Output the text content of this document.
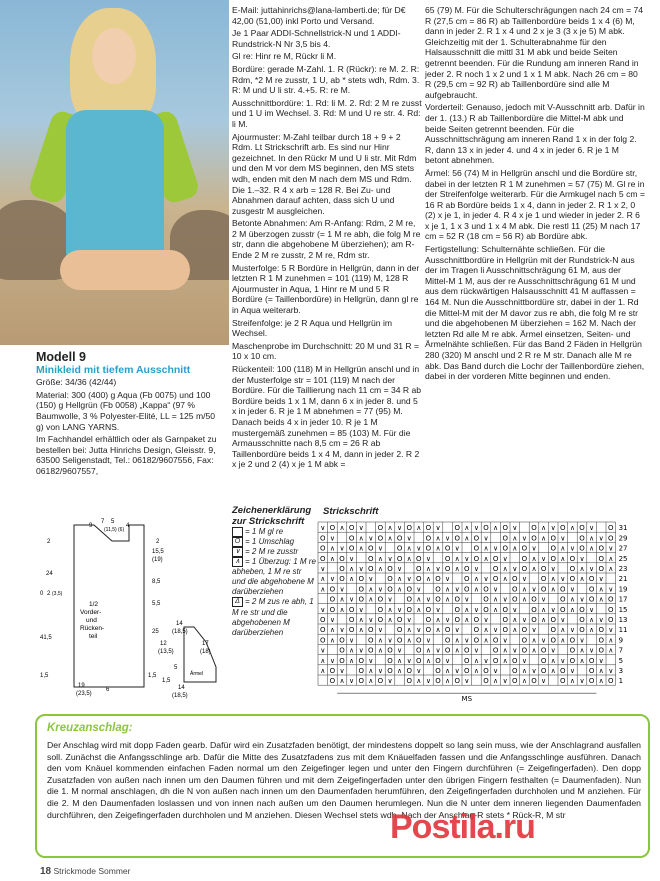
Modell 9

Minikleid mit tiefem Ausschnitt

Größe: 34/36 (42/44)

Material: 300 (400) g Aqua (Fb 0075) und 100 (150) g Hellgrün (Fb 0058) „Kappa“ (97 % Baumwolle, 3 % Polyester-Elité, LL = 125 m/50 g) von LANG YARNS.

Im Fachhandel erhältlich oder als Garnpaket zu bestellen bei: Jutta Hinrichs Design, Gleisstr. 9, 63500 Seligenstadt, Tel.: 06182/9607556, Fax: 06182/9607557,

E-Mail: juttahinrichs@lana-lamberti.de; für D€ 42,00 (51,00) inkl Porto und Versand.

Je 1 Paar ADDI-Schnellstrick-N und 1 ADDI-Rundstrick-N Nr 3,5 bis 4.

Gl re: Hinr re M, Rückr li M.

Bordüre: gerade M-Zahl. 1. R (Rückr): re M. 2. R: Rdm, *2 M re zusstr, 1 U, ab * stets wdh, Rdm. 3. R: M und U li str. 4.+5. R: re M.

Ausschnittbordüre: 1. Rd: li M. 2. Rd: 2 M re zusst und 1 U im Wechsel. 3. Rd: M und U re str. 4. Rd: li M.

Ajourmuster: M-Zahl teilbar durch 18 + 9 + 2 Rdm. Lt Strickschrift arb. Es sind nur Hinr gezeichnet. In den Rückr M und U li str. Mit Rdm und den M vor dem MS beginnen, den MS stets wdh, enden mit den M nach dem MS und Rdm. Die 1.–32. R 4 x arb = 128 R. Bei Zu- und Abnahmen darauf achten, dass sich U und zusgestr M ausgleichen.

Betonte Abnahmen: Am R-Anfang: Rdm, 2 M re, 2 M überzogen zusstr (= 1 M re abh, die folg M re str, dann die abgehobene M überziehen); am R-Ende 2 M re zusstr, 2 M re, Rdm str.

Musterfolge: 5 R Bordüre in Hellgrün, dann in der letzten R 1 M zunehmen = 101 (119) M, 128 R Ajourmuster in Aqua, 1 Hinr re M und 5 R Bordüre (= Taillenbordüre) in Hellgrün, dann gl re in Aqua weiterarb.

Streifenfolge: je 2 R Aqua und Hellgrün im Wechsel.

Maschenprobe im Durchschnitt: 20 M und 31 R = 10 x 10 cm.

Rückenteil: 100 (118) M in Hellgrün anschl und in der Musterfolge str = 101 (119) M nach der Bordüre. Für die Taillierung nach 11 cm = 34 R ab Bordüre beids 1 x 1 M, dann 6 x in jeder 8. und 5 x in jeder 6. R je 1 M abnehmen = 77 (95) M. Danach beids 4 x in jeder 10. R je 1 M mustergemäß zunehmen = 85 (103) M. Für die Armausschnitte nach 8,5 cm = 26 R ab Taillenbordüre beids 1 x 4 M, dann in jeder 2. R 2 x je 2 und 2 (4) x je 1 M abk =

65 (79) M. Für die Schulterschrägungen nach 24 cm = 74 R (27,5 cm = 86 R) ab Taillenbordüre beids 1 x 4 (6) M, dann in jeder 2. R 1 x 4 und 2 x je 3 (3 x je 5) M abk. Gleichzeitig mit der 1. Schulterabnahme für den Halsausschnitt die mittl 31 M abk und beide Seiten getrennt beenden. Für die Rundung am inneren Rand in jeder 2. R noch 1 x 2 und 1 x 1 M abk. Nach 26 cm = 80 R (29,5 cm = 92 R) ab Taillenbordüre sind alle M aufgebraucht.

Vorderteil: Genauso, jedoch mit V-Ausschnitt arb. Dafür in der 1. (13.) R ab Taillenbordüre die Mittel-M abk und beide Seiten getrennt beenden. Für die Ausschnittschrägung am inneren Rand 1 x in der folg 2. R, dann 13 x in jeder 4. und 4 x in jeder 6. R je 1 M betont abnehmen.

Ärmel: 56 (74) M in Hellgrün anschl und die Bordüre str, dabei in der letzten R 1 M zunehmen = 57 (75) M. Gl re in der Streifenfolge weiterarb. Für die Armkugel nach 5 cm = 16 R ab Bordüre beids 1 x 4, dann in jeder 2. R 1 x 2, 0 (2) x je 1, in jeder 4. R 4 x je 1 und wieder in jeder 2. R 6 x je 1, 1 x 3 und 1 x 4 M abk. Die restl 11 (25) M nach 17 cm = 52 R (18 cm = 56 R) ab Bordüre abk.

Fertigstellung: Schulternähte schließen. Für die Ausschnittbordüre in Hellgrün mit der Rundstrick-N aus der im Tragen li Ausschnittschrägung 61 M, aus der Mittel-M 1 M, aus der re Ausschnittschrägung 61 M und aus dem rückwärtigen Halsausschnitt 41 M auffassen = 164 M. Nun die Ausschnittbordüre str, dabei in der 1. Rd die Mittel-M mit der M davor zus re abh, die folg M re str und die abgehobenen M überziehen = 162 M. Nach der letzten Rd alle M re abk. Ärmel einsetzen, Seiten- und Ärmelnähte schließen. Für das Band 2 Fäden in Hellgrün 280 (320) M anschl und 2 R re M str. Danach alle M re abk. Das Band durch die Lochr der Taillenbordüre ziehen, dabei in der vorderen Mitte beginnen und enden.

9
7 5
(11,5) (6)
4
2
24
2
0 (3,5)
41,5
1,5
2
15,5
(19)
8,5
5,5
25
1,5
1/2 Vorder-und Rücken-teil
19
(23,5)
6
14
(18,5)
12
(13,5)
17
(18)
5
Ärmel
1,5
14
(18,5)
Zeichenerklärung
zur Strickschrift
= 1 M gl re
O = 1 Umschlag
∨ = 2 M re zusstr
∧ = 1 Überzug: 1 M re abheben, 1 M re str und die abgehobene M darüberziehen
Δ = 2 M zus re abh, 1 M re str und die abgehobenen M darüberziehen
Strickschrift
∨ O ∧ O ∨ O ∧ ∨ O ∧ O ∨ O ∧ ∨ O ∧ O ∨ O ∧ ∨ O ∧ O ∨ O
O ∨ O ∧ ∨ O ∧ O ∨ O ∧ ∨ O ∧ O ∨ O ∧ ∨ O ∧ O ∨ O ∧ ∨ O
O ∧ ∨ O ∧ O ∨ O ∧ ∨ O ∧ O ∨ O ∧ ∨ O ∧ O ∨ O ∧ ∨ O ∧ O ∨
O ∧ O ∨ O ∧ ∨ O ∧ O ∨ O ∧ ∨ O ∧ O ∨ O ∧ ∨ O ∧ O ∨ O ∧
∨ O ∧ ∨ O ∧ O ∨ O ∧ ∨ O ∧ O ∨ O ∧ ∨ O ∧ O ∨ O ∧ ∨ O ∧
∧ ∨ O ∧ O ∨ O ∧ ∨ O ∧ O ∨ O ∧ ∨ O ∧ O ∨ O ∧ ∨ O ∧ O ∨
∧ O ∨ O ∧ ∨ O ∧ O ∨ O ∧ ∨ O ∧ O ∨ O ∧ ∨ O ∧ O ∨ O ∧ ∨
O ∧ ∨ O ∧ O ∨ O ∧ ∨ O ∧ O ∨ O ∧ ∨ O ∧ O ∨ O ∧ ∨ O ∧ O
∨ O ∧ O ∨ O ∧ ∨ O ∧ O ∨ O ∧ ∨ O ∧ O ∨ O ∧ ∨ O ∧ O ∨ O
O ∨ O ∧ ∨ O ∧ O ∨ O ∧ ∨ O ∧ O ∨ O ∧ ∨ O ∧ O ∨ O ∧ ∨ O
O ∧ ∨ O ∧ O ∨ O ∧ ∨ O ∧ O ∨ O ∧ ∨ O ∧ O ∨ O ∧ ∨ O ∧ O ∨
O ∧ O ∨ O ∧ ∨ O ∧ O ∨ O ∧ ∨ O ∧ O ∨ O ∧ ∨ O ∧ O ∨ O ∧
∨ O ∧ ∨ O ∧ O ∨ O ∧ ∨ O ∧ O ∨ O ∧ ∨ O ∧ O ∨ O ∧ ∨ O ∧
∧ ∨ O ∧ O ∨ O ∧ ∨ O ∧ O ∨ O ∧ ∨ O ∧ O ∨ O ∧ ∨ O ∧ O ∨
∧ O ∨ O ∧ ∨ O ∧ O ∨ O ∧ ∨ O ∧ O ∨ O ∧ ∨ O ∧ O ∨ O ∧ ∨
O ∧ ∨ O ∧ O ∨ O ∧ ∨ O ∧ O ∨ O ∧ ∨ O ∧ O ∨ O ∧ ∨ O ∧ O
31
29
27
25
23
21
19
17
15
13
11
9
7
5
3
1
MS
Kreuzanschlag:
Der Anschlag wird mit dopp Faden gearb. Dafür wird ein Zusatzfaden benötigt, der mindestens doppelt so lang sein muss, wie der Anschlagrand ausfallen soll. Zunächst die Anfangsschlinge arb. Dafür die Mitte des Zusatzfadens zus mit dem Knäuelfaden fassen und die Anfangsschlinge ausführen. Danach den vom Knäuel kommenden einfachen Faden normal um den Zeigefinger legen und unter den Fingern durchführen (= Zeigefingerfaden). Den dopp Zusatzfaden von außen nach innen um den Daumen führen und mit dem Zeigefingerfaden unter den übrigen Fingern festhalten (= Daumenfaden). Nun die 1. M normal anschlagen, dh die N von außen nach innen um den Daumenfaden herumführen, den Zeigefingerfaden durchholen und M anziehen. Für die 2. M den Daumenfaden loslassen und von innen nach außen um den Daumen herumlegen. Nun die N unter dem inneren liegenden Daumenfaden durchführen, den Zeigefingerfaden durchholen und M anziehen. Diesen Wechsel stets wdh. Nach der Anschlag-R stets * Rück-R, M str
Postila.ru
18 Strickmode Sommer
